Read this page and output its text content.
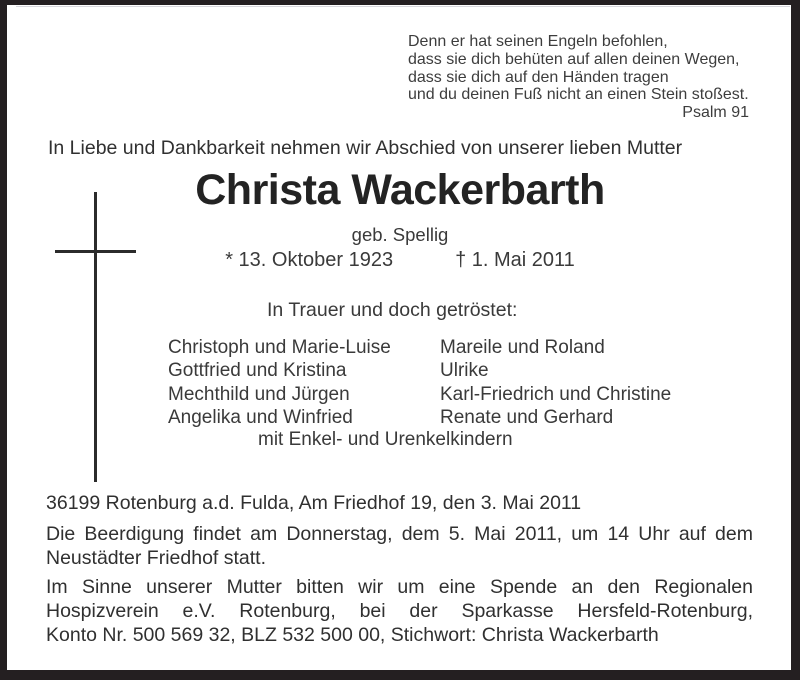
Denn er hat seinen Engeln befohlen,
dass sie dich behüten auf allen deinen Wegen,
dass sie dich auf den Händen tragen
und du deinen Fuß nicht an einen Stein stoßest.
Psalm 91
In Liebe und Dankbarkeit nehmen wir Abschied von unserer lieben Mutter
Christa Wackerbarth
geb. Spellig
* 13. Oktober 1923	† 1. Mai 2011
In Trauer und doch getröstet:
Christoph und Marie-Luise
Gottfried und Kristina
Mechthild und Jürgen
Angelika und Winfried
Mareile und Roland
Ulrike
Karl-Friedrich und Christine
Renate und Gerhard
mit Enkel- und Urenkelkindern
36199 Rotenburg a.d. Fulda, Am Friedhof 19, den 3. Mai 2011
Die Beerdigung findet am Donnerstag, dem 5. Mai 2011, um 14 Uhr auf dem
Neustädter Friedhof statt.
Im Sinne unserer Mutter bitten wir um eine Spende an den Regionalen
Hospizverein e.V. Rotenburg, bei der Sparkasse Hersfeld-Rotenburg,
Konto Nr. 500 569 32, BLZ 532 500 00, Stichwort: Christa Wackerbarth
